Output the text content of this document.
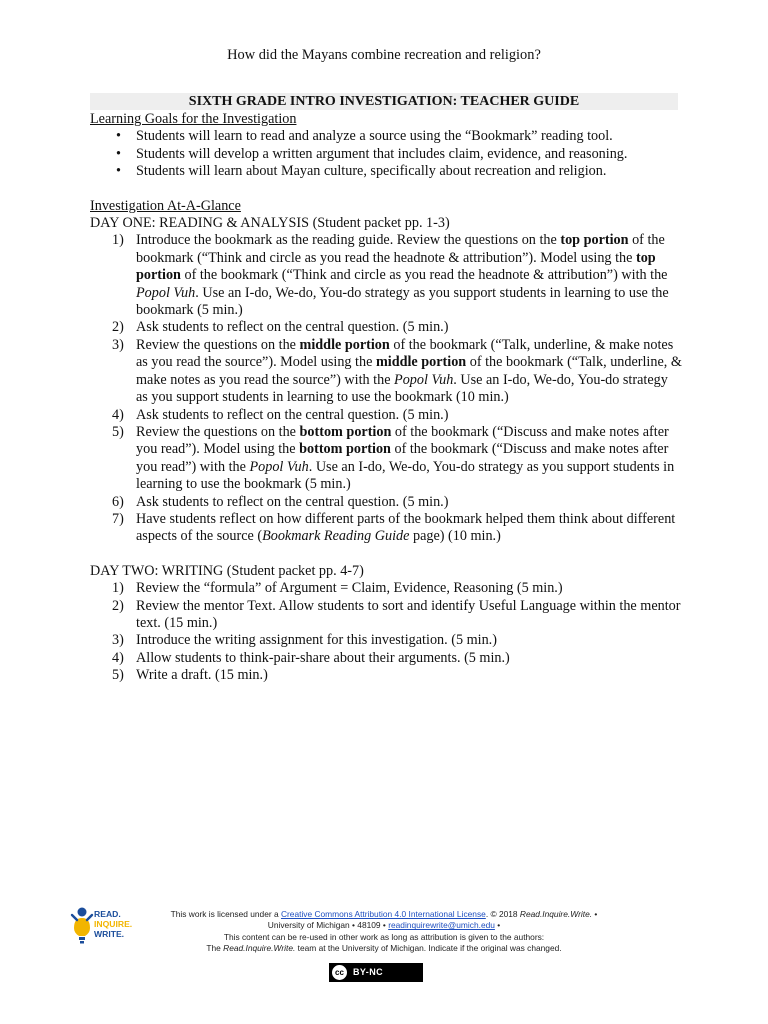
How did the Mayans combine recreation and religion?
SIXTH GRADE INTRO INVESTIGATION: TEACHER GUIDE
Learning Goals for the Investigation
• Students will learn to read and analyze a source using the “Bookmark” reading tool.
• Students will develop a written argument that includes claim, evidence, and reasoning.
• Students will learn about Mayan culture, specifically about recreation and religion.
Investigation At-A-Glance
DAY ONE: READING & ANALYSIS (Student packet pp. 1-3)
1) Introduce the bookmark as the reading guide. Review the questions on the top portion of the bookmark (“Think and circle as you read the headnote & attribution”). Model using the top portion of the bookmark (“Think and circle as you read the headnote & attribution”) with the Popol Vuh. Use an I-do, We-do, You-do strategy as you support students in learning to use the bookmark (5 min.)
2) Ask students to reflect on the central question. (5 min.)
3) Review the questions on the middle portion of the bookmark (“Talk, underline, & make notes as you read the source”). Model using the middle portion of the bookmark (“Talk, underline, & make notes as you read the source”) with the Popol Vuh. Use an I-do, We-do, You-do strategy as you support students in learning to use the bookmark (10 min.)
4) Ask students to reflect on the central question. (5 min.)
5) Review the questions on the bottom portion of the bookmark (“Discuss and make notes after you read”). Model using the bottom portion of the bookmark (“Discuss and make notes after you read”) with the Popol Vuh. Use an I-do, We-do, You-do strategy as you support students in learning to use the bookmark (5 min.)
6) Ask students to reflect on the central question. (5 min.)
7) Have students reflect on how different parts of the bookmark helped them think about different aspects of the source (Bookmark Reading Guide page) (10 min.)
DAY TWO: WRITING (Student packet pp. 4-7)
1) Review the “formula” of Argument = Claim, Evidence, Reasoning (5 min.)
2) Review the mentor Text. Allow students to sort and identify Useful Language within the mentor text. (15 min.)
3) Introduce the writing assignment for this investigation. (5 min.)
4) Allow students to think-pair-share about their arguments. (5 min.)
5) Write a draft. (15 min.)
READ.
INQUIRE.
WRITE.
This work is licensed under a Creative Commons Attribution 4.0 International License. © 2018 Read.Inquire.Write. •
University of Michigan • 48109 • readinquirewrite@umich.edu •
This content can be re-used in other work as long as attribution is given to the authors:
The Read.Inquire.Write. team at the University of Michigan. Indicate if the original was changed.
cc	BY-NC
